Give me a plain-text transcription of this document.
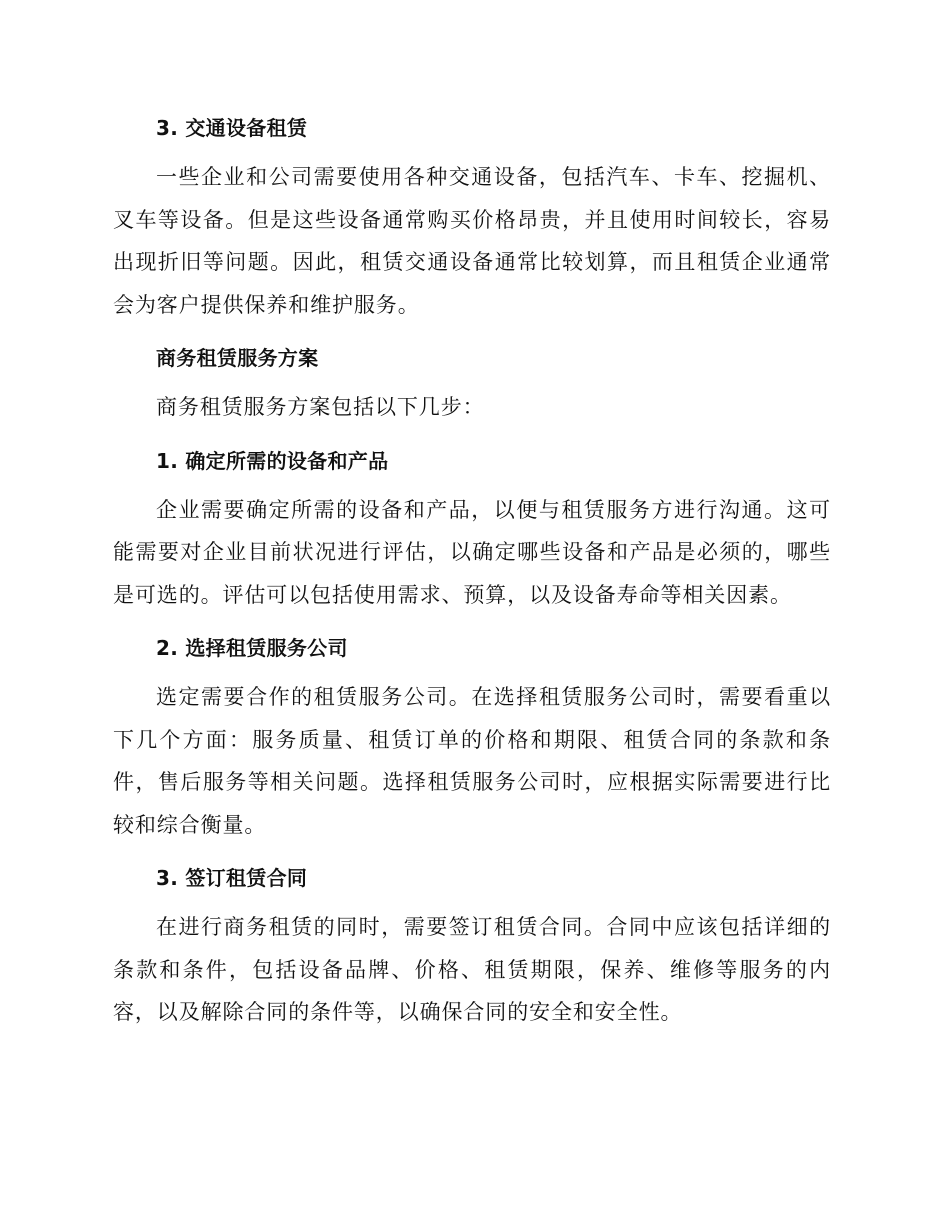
3. 交通设备租赁

一些企业和公司需要使用各种交通设备，包括汽车、卡车、挖掘机、叉车等设备。但是这些设备通常购买价格昂贵，并且使用时间较长，容易出现折旧等问题。因此，租赁交通设备通常比较划算，而且租赁企业通常会为客户提供保养和维护服务。

商务租赁服务方案

商务租赁服务方案包括以下几步：

1. 确定所需的设备和产品

企业需要确定所需的设备和产品，以便与租赁服务方进行沟通。这可能需要对企业目前状况进行评估，以确定哪些设备和产品是必须的，哪些是可选的。评估可以包括使用需求、预算，以及设备寿命等相关因素。

2. 选择租赁服务公司

选定需要合作的租赁服务公司。在选择租赁服务公司时，需要看重以下几个方面：服务质量、租赁订单的价格和期限、租赁合同的条款和条件，售后服务等相关问题。选择租赁服务公司时，应根据实际需要进行比较和综合衡量。

3. 签订租赁合同

在进行商务租赁的同时，需要签订租赁合同。合同中应该包括详细的条款和条件，包括设备品牌、价格、租赁期限，保养、维修等服务的内容，以及解除合同的条件等，以确保合同的安全和安全性。
